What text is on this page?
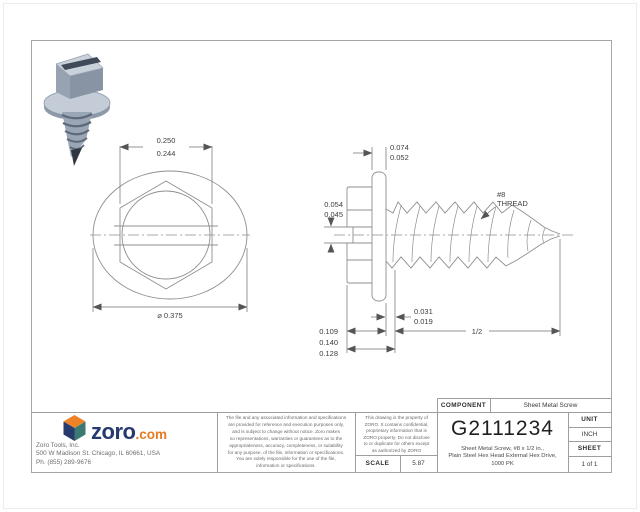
0.250
0.244
⌀ 0.375
0.074
0.052
0.054
0.045
#8
THREAD
0.031
0.019
0.109	1/2
0.140
0.128
zoro .com
Zoro Tools, Inc.
500 W Madison St. Chicago, IL 60661, USA
Ph. (855) 289-9676
The file and any associated information and specifications
are provided for reference and execution purposes only,
and is subject to change without notice. Zoro makes
no representations, warranties or guarantees as to the
appropriateness, accuracy, completeness, or suitability
for any purpose, of the file, information or specifications.
You are solely responsible for the use of the file,
information or specifications.
This drawing is the property of
ZORO. It contains confidential,
proprietary information that is
ZORO property. Do not disclose
to or duplicate for others except
as authorized by ZORO
COMPONENT	Sheet Metal Screw
G2111234
Sheet Metal Screw, #8 x 1/2 in.,
Plain Steel Hex Head External Hex Drive,
1000 PK
UNIT
INCH
SHEET
1 of 1
SCALE	5.87
